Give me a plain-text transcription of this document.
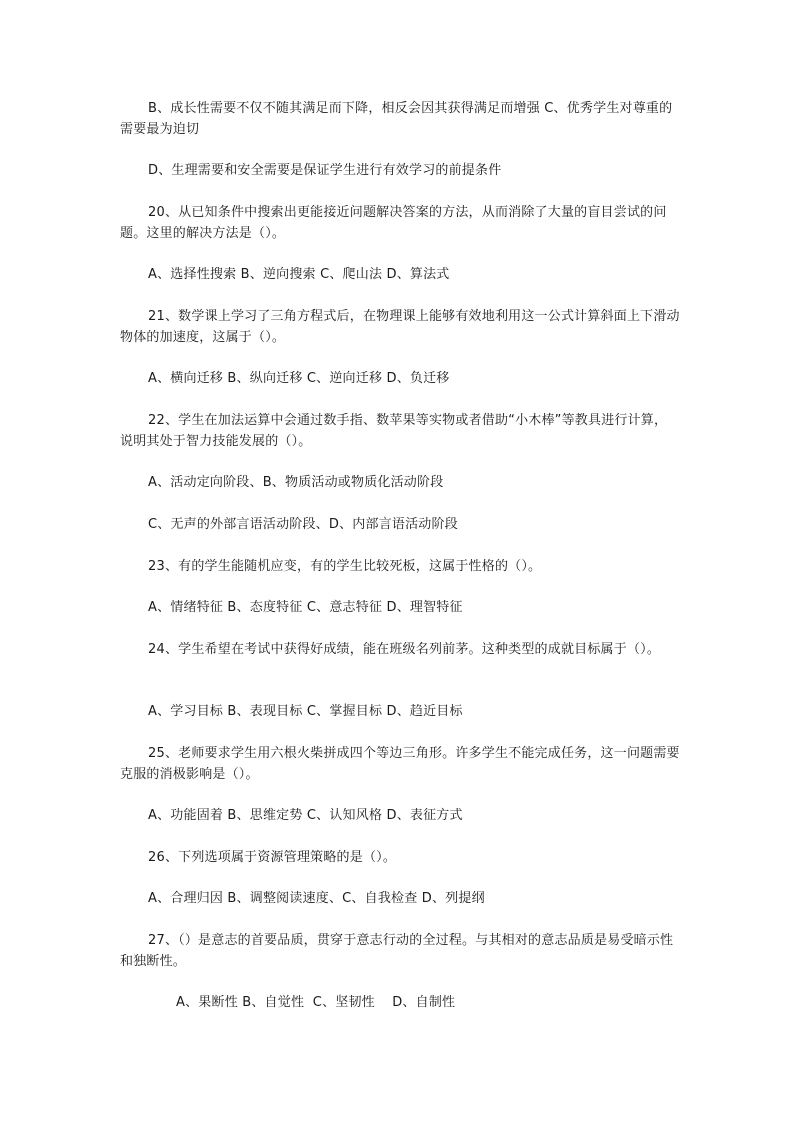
B、成长性需要不仅不随其满足而下降，相反会因其获得满足而增强 C、优秀学生对尊重的需要最为迫切
D、生理需要和安全需要是保证学生进行有效学习的前提条件
20、从已知条件中搜索出更能接近问题解决答案的方法，从而消除了大量的盲目尝试的问题。这里的解决方法是（）。
A、选择性搜索 B、逆向搜索 C、爬山法 D、算法式
21、数学课上学习了三角方程式后，在物理课上能够有效地利用这一公式计算斜面上下滑动物体的加速度，这属于（）。
A、横向迁移 B、纵向迁移 C、逆向迁移 D、负迁移
22、学生在加法运算中会通过数手指、数苹果等实物或者借助“小木棒”等教具进行计算，说明其处于智力技能发展的（）。
A、活动定向阶段、B、物质活动或物质化活动阶段
C、无声的外部言语活动阶段、D、内部言语活动阶段
23、有的学生能随机应变，有的学生比较死板，这属于性格的（）。
A、情绪特征 B、态度特征 C、意志特征 D、理智特征
24、学生希望在考试中获得好成绩，能在班级名列前茅。这种类型的成就目标属于（）。
A、学习目标 B、表现目标 C、掌握目标 D、趋近目标
25、老师要求学生用六根火柴拼成四个等边三角形。许多学生不能完成任务，这一问题需要克服的消极影响是（）。
A、功能固着 B、思维定势 C、认知风格 D、表征方式
26、下列选项属于资源管理策略的是（）。
A、合理归因 B、调整阅读速度、C、自我检查 D、列提纲
27、（）是意志的首要品质，贯穿于意志行动的全过程。与其相对的意志品质是易受暗示性和独断性。
A、果断性 B、自觉性  C、坚韧性    D、自制性
